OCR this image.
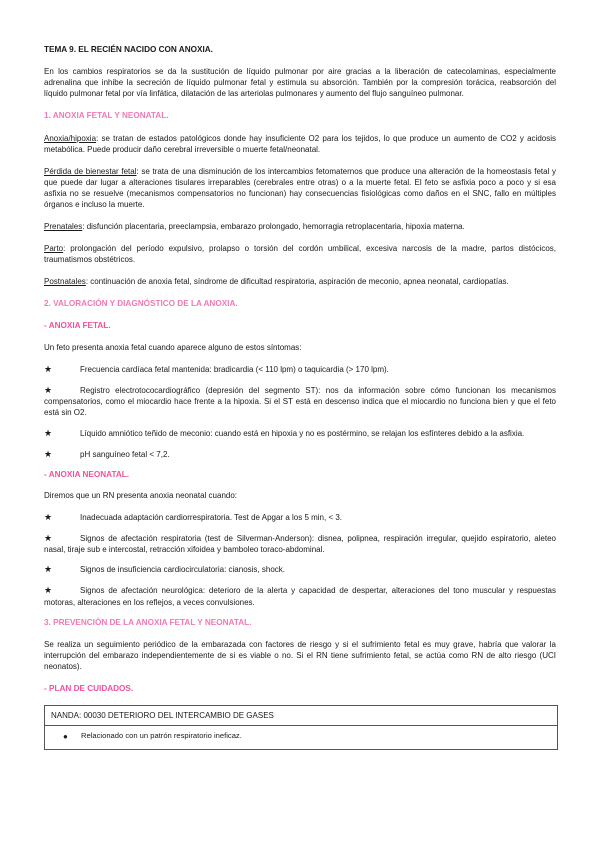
TEMA 9. EL RECIÉN NACIDO CON ANOXIA.

En los cambios respiratorios se da la sustitución de líquido pulmonar por aire gracias a la liberación de catecolaminas, especialmente adrenalina que inhibe la secreción de líquido pulmonar fetal y estimula su absorción. También por la compresión torácica, reabsorción del líquido pulmonar fetal por vía linfática, dilatación de las arteriolas pulmonares y aumento del flujo sanguíneo pulmonar.

1. ANOXIA FETAL Y NEONATAL.

Anoxia/hipoxia: se tratan de estados patológicos donde hay insuficiente O2 para los tejidos, lo que produce un aumento de CO2 y acidosis metabólica. Puede producir daño cerebral irreversible o muerte fetal/neonatal.

Pérdida de bienestar fetal: se trata de una disminución de los intercambios fetomaternos que produce una alteración de la homeostasis fetal y que puede dar lugar a alteraciones tisulares irreparables (cerebrales entre otras) o a la muerte fetal. El feto se asfixia poco a poco y si esa asfixia no se resuelve (mecanismos compensatorios no funcionan) hay consecuencias fisiológicas como daños en el SNC, fallo en múltiples órganos e incluso la muerte.

Prenatales: disfunción placentaria, preeclampsia, embarazo prolongado, hemorragia retroplacentaria, hipoxia materna.

Parto: prolongación del período expulsivo, prolapso o torsión del cordón umbilical, excesiva narcosis de la madre, partos distócicos, traumatismos obstétricos.

Postnatales: continuación de anoxia fetal, síndrome de dificultad respiratoria, aspiración de meconio, apnea neonatal, cardiopatías.

2. VALORACIÓN Y DIAGNÓSTICO DE LA ANOXIA.

- ANOXIA FETAL.

Un feto presenta anoxia fetal cuando aparece alguno de estos síntomas:

★	Frecuencia cardíaca fetal mantenida: bradicardia (< 110 lpm) o taquicardia (> 170 lpm).

★	Registro electrotococardiográfico (depresión del segmento ST): nos da información sobre cómo funcionan los mecanismos compensatorios, como el miocardio hace frente a la hipoxia. Si el ST está en descenso indica que el miocardio no funciona bien y que el feto está sin O2.

★	Líquido amniótico teñido de meconio: cuando está en hipoxia y no es postérmino, se relajan los esfínteres debido a la asfixia.

★	pH sanguíneo fetal < 7,2.

- ANOXIA NEONATAL.

Diremos que un RN presenta anoxia neonatal cuando:

★	Inadecuada adaptación cardiorrespiratoria. Test de Apgar a los 5 min, < 3.

★	Signos de afectación respiratoria (test de Silverman-Anderson): disnea, polipnea, respiración irregular, quejido espiratorio, aleteo nasal, tiraje sub e intercostal, retracción xifoidea y bamboleo toraco-abdominal.

★	Signos de insuficiencia cardiocirculatoria: cianosis, shock.

★	Signos de afectación neurológica: deterioro de la alerta y capacidad de despertar, alteraciones del tono muscular y respuestas motoras, alteraciones en los reflejos, a veces convulsiones.

3. PREVENCIÓN DE LA ANOXIA FETAL Y NEONATAL.

Se realiza un seguimiento periódico de la embarazada con factores de riesgo y si el sufrimiento fetal es muy grave, habría que valorar la interrupción del embarazo independientemente de si es viable o no. Si el RN tiene sufrimiento fetal, se actúa como RN de alto riesgo (UCI neonatos).

- PLAN DE CUIDADOS.

NANDA: 00030 DETERIORO DEL INTERCAMBIO DE GASES
●	Relacionado con un patrón respiratorio ineficaz.
